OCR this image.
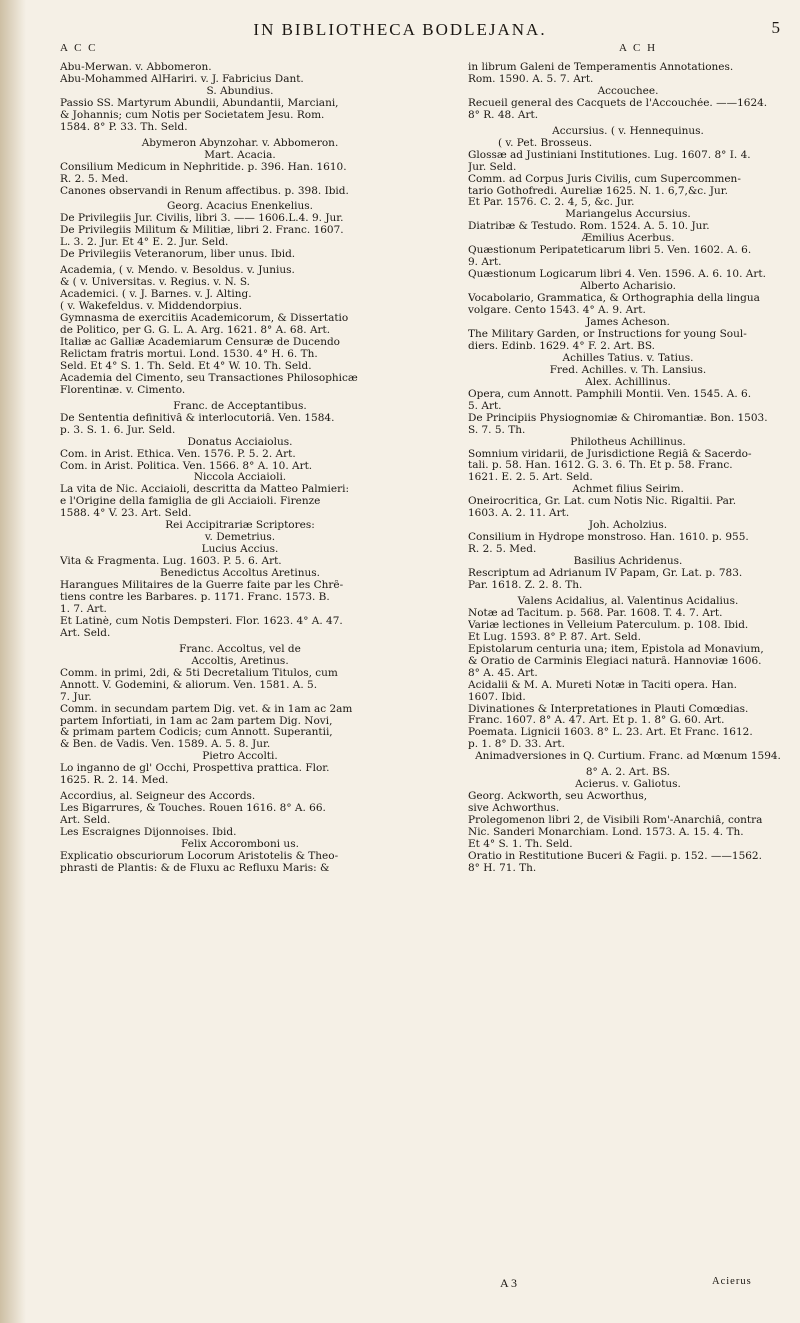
IN BIBLIOTHECA BODLEJANA.	5
A C C	A C H
Abu-Merwan. v. Abbomeron.
Abu-Mohammed AlHariri. v. J. Fabricius Dant.
S. Abundius.
Passio SS. Martyrum Abundii, Abundantii, Marciani,
& Johannis; cum Notis per Societatem Jesu. Rom.
1584. 8° P. 33. Th. Seld.
Abymeron Abynzohar. v. Abbomeron.
Mart. Acacia.
Consilium Medicum in Nephritide. p. 396. Han. 1610.
R. 2. 5. Med.
Canones observandi in Renum affectibus. p. 398. Ibid.
Georg. Acacius Enenkelius.
De Privilegiis Jur. Civilis, libri 3. —— 1606.L.4. 9. Jur.
De Privilegiis Militum & Militiæ, libri 2. Franc. 1607.
L. 3. 2. Jur. Et 4° E. 2. Jur. Seld.
De Privilegiis Veteranorum, liber unus. Ibid.
Academia, ( v. Mendo. v. Besoldus. v. Junius.
& ( v. Universitas. v. Regius. v. N. S.
Academici. ( v. J. Barnes. v. J. Alting.
( v. Wakefeldus. v. Middendorpius.
Gymnasma de exercitiis Academicorum, & Dissertatio
de Politico, per G. G. L. A. Arg. 1621. 8° A. 68. Art.
Italiæ ac Galliæ Academiarum Censuræ de Ducendo
Relictam fratris mortui. Lond. 1530. 4° H. 6. Th.
Seld. Et 4° S. 1. Th. Seld. Et 4° W. 10. Th. Seld.
Academia del Cimento, seu Transactiones Philosophicæ
Florentinæ. v. Cimento.
Franc. de Acceptantibus.
De Sententia definitivâ & interlocutoriâ. Ven. 1584.
p. 3. S. 1. 6. Jur. Seld.
Donatus Acciaiolus.
Com. in Arist. Ethica. Ven. 1576. P. 5. 2. Art.
Com. in Arist. Politica. Ven. 1566. 8° A. 10. Art.
Niccola Acciaioli.
La vita de Nic. Acciaioli, descritta da Matteo Palmieri:
e l'Origine della famiglia de gli Acciaioli. Firenze
1588. 4° V. 23. Art. Seld.
Rei Accipitrariæ Scriptores:
v. Demetrius.
Lucius Accius.
Vita & Fragmenta. Lug. 1603. P. 5. 6. Art.
Benedictus Accoltus Aretinus.
Harangues Militaires de la Guerre faite par les Chrê-
tiens contre les Barbares. p. 1171. Franc. 1573. B.
1. 7. Art.
Et Latinè, cum Notis Dempsteri. Flor. 1623. 4° A. 47.
Art. Seld.
Franc. Accoltus, vel de
Accoltis, Aretinus.
Comm. in primi, 2di, & 5ti Decretalium Titulos, cum
Annott. V. Godemini, & aliorum. Ven. 1581. A. 5.
7. Jur.
Comm. in secundam partem Dig. vet. & in 1am ac 2am
partem Infortiati, in 1am ac 2am partem Dig. Novi,
& primam partem Codicis; cum Annott. Superantii,
& Ben. de Vadis. Ven. 1589. A. 5. 8. Jur.
Pietro Accolti.
Lo inganno de gl' Occhi, Prospettiva prattica. Flor.
1625. R. 2. 14. Med.
Accordius, al. Seigneur des Accords.
Les Bigarrures, & Touches. Rouen 1616. 8° A. 66.
Art. Seld.
Les Escraignes Dijonnoises. Ibid.
Felix Accoromboni us.
Explicatio obscuriorum Locorum Aristotelis & Theo-
phrasti de Plantis: & de Fluxu ac Refluxu Maris: &
in librum Galeni de Temperamentis Annotationes.
Rom. 1590. A. 5. 7. Art.
Accouchee.
Recueil general des Cacquets de l'Accouchée. ——1624.
8° R. 48. Art.
Accursius. ( v. Hennequinus.
( v. Pet. Brosseus.
Glossæ ad Justiniani Institutiones. Lug. 1607. 8° I. 4.
Jur. Seld.
Comm. ad Corpus Juris Civilis, cum Supercommen-
tario Gothofredi. Aureliæ 1625. N. 1. 6,7,&c. Jur.
Et Par. 1576. C. 2. 4, 5, &c. Jur.
Mariangelus Accursius.
Diatribæ & Testudo. Rom. 1524. A. 5. 10. Jur.
Æmilius Acerbus.
Quæstionum Peripateticarum libri 5. Ven. 1602. A. 6.
9. Art.
Quæstionum Logicarum libri 4. Ven. 1596. A. 6. 10. Art.
Alberto Acharisio.
Vocabolario, Grammatica, & Orthographia della lingua
volgare. Cento 1543. 4° A. 9. Art.
James Acheson.
The Military Garden, or Instructions for young Soul-
diers. Edinb. 1629. 4° F. 2. Art. BS.
Achilles Tatius. v. Tatius.
Fred. Achilles. v. Th. Lansius.
Alex. Achillinus.
Opera, cum Annott. Pamphili Montii. Ven. 1545. A. 6.
5. Art.
De Principiis Physiognomiæ & Chiromantiæ. Bon. 1503.
S. 7. 5. Th.
Philotheus Achillinus.
Somnium viridarii, de Jurisdictione Regiâ & Sacerdo-
tali. p. 58. Han. 1612. G. 3. 6. Th. Et p. 58. Franc.
1621. E. 2. 5. Art. Seld.
Achmet filius Seirim.
Oneirocritica, Gr. Lat. cum Notis Nic. Rigaltii. Par.
1603. A. 2. 11. Art.
Joh. Acholzius.
Consilium in Hydrope monstroso. Han. 1610. p. 955.
R. 2. 5. Med.
Basilius Achridenus.
Rescriptum ad Adrianum IV Papam, Gr. Lat. p. 783.
Par. 1618. Z. 2. 8. Th.
Valens Acidalius, al. Valentinus Acidalius.
Notæ ad Tacitum. p. 568. Par. 1608. T. 4. 7. Art.
Variæ lectiones in Velleium Paterculum. p. 108. Ibid.
Et Lug. 1593. 8° P. 87. Art. Seld.
Epistolarum centuria una; item, Epistola ad Monavium,
& Oratio de Carminis Elegiaci naturâ. Hannoviæ 1606.
8° A. 45. Art.
Acidalii & M. A. Mureti Notæ in Taciti opera. Han.
1607. Ibid.
Divinationes & Interpretationes in Plauti Comœdias.
Franc. 1607. 8° A. 47. Art. Et p. 1. 8° G. 60. Art.
Poemata. Lignicii 1603. 8° L. 23. Art. Et Franc. 1612.
p. 1. 8° D. 33. Art.
Animadversiones in Q. Curtium. Franc. ad Mœnum 1594.
8° A. 2. Art. BS.
Acierus. v. Galiotus.
Georg. Ackworth, seu Acworthus,
sive Achworthus.
Prolegomenon libri 2, de Visibili Rom'-Anarchiâ, contra
Nic. Sanderi Monarchiam. Lond. 1573. A. 15. 4. Th.
Et 4° S. 1. Th. Seld.
Oratio in Restitutione Buceri & Fagii. p. 152. ——1562.
8° H. 71. Th.
A 3	Acierus
